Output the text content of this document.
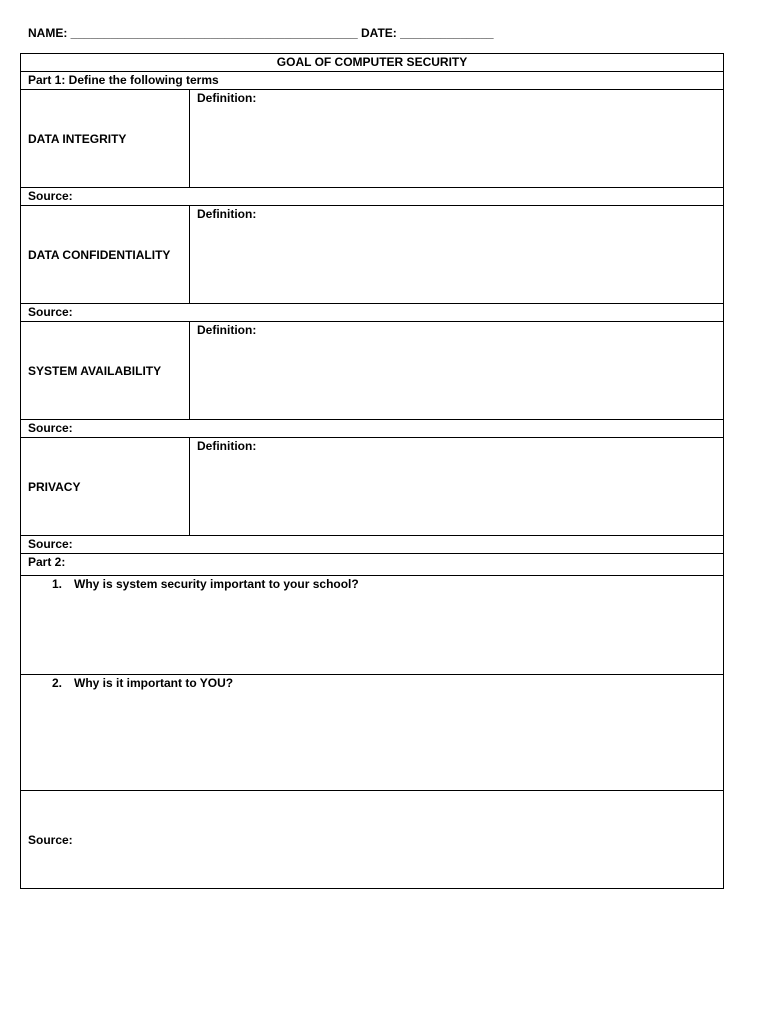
NAME: ___________________________________________ DATE: ______________
GOAL OF COMPUTER SECURITY	
Part 1: Define the following terms	
DATA INTEGRITY	Definition:
Source:	
DATA CONFIDENTIALITY	Definition:
Source:	
SYSTEM AVAILABILITY	Definition:
Source:	
PRIVACY	Definition:
Source:	
Part 2:	
1. Why is system security important to your school?	
2. Why is it important to YOU?	
Source:	
